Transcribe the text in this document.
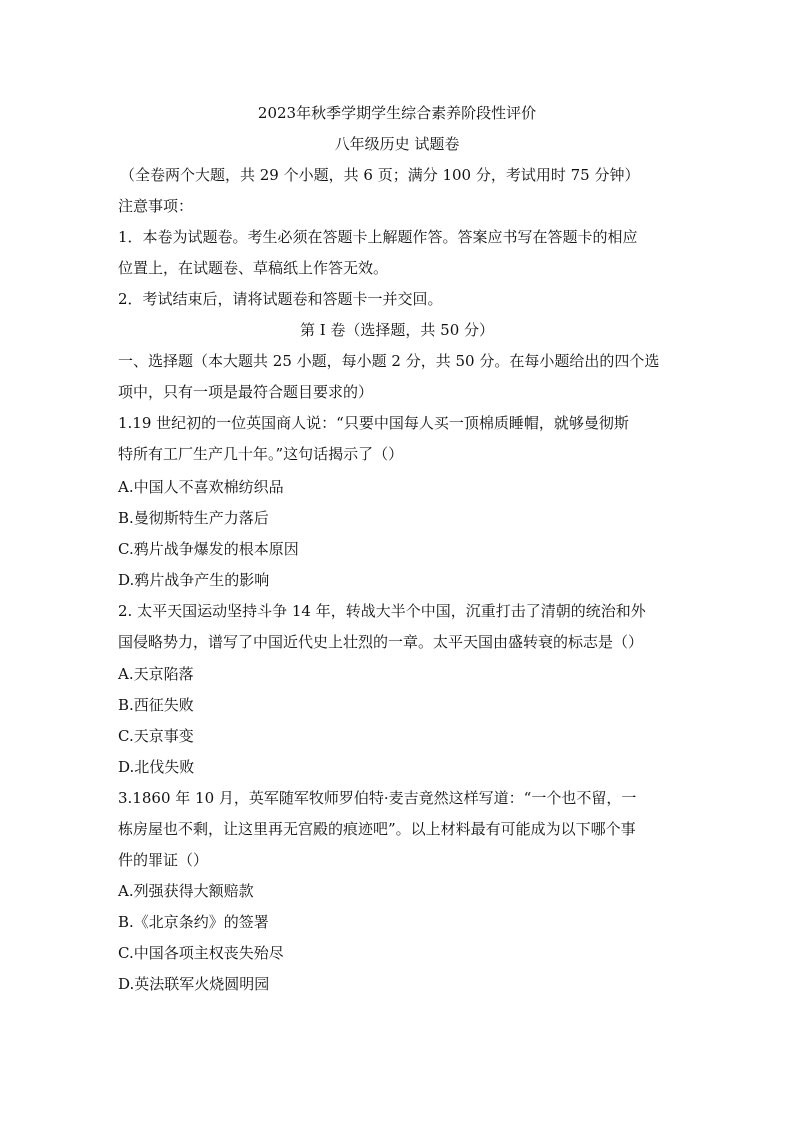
2023年秋季学期学生综合素养阶段性评价
八年级历史 试题卷
（全卷两个大题，共 29 个小题，共 6 页；满分 100 分，考试用时 75 分钟）
注意事项：
1．本卷为试题卷。考生必须在答题卡上解题作答。答案应书写在答题卡的相应
位置上，在试题卷、草稿纸上作答无效。
2．考试结束后，请将试题卷和答题卡一并交回。
第 I 卷（选择题，共 50 分）
一、选择题（本大题共 25 小题，每小题 2 分，共 50 分。在每小题给出的四个选
项中，只有一项是最符合题目要求的）
1.19 世纪初的一位英国商人说：“只要中国每人买一顶棉质睡帽，就够曼彻斯
特所有工厂生产几十年。”这句话揭示了（）
A.中国人不喜欢棉纺织品
B.曼彻斯特生产力落后
C.鸦片战争爆发的根本原因
D.鸦片战争产生的影响
2. 太平天国运动坚持斗争 14 年，转战大半个中国，沉重打击了清朝的统治和外
国侵略势力，谱写了中国近代史上壮烈的一章。太平天国由盛转衰的标志是（）
A.天京陷落
B.西征失败
C.天京事变
D.北伐失败
3.1860 年 10 月，英军随军牧师罗伯特·麦吉竟然这样写道：“一个也不留，一
栋房屋也不剩，让这里再无宫殿的痕迹吧”。以上材料最有可能成为以下哪个事
件的罪证（）
A.列强获得大额赔款
B.《北京条约》的签署
C.中国各项主权丧失殆尽
D.英法联军火烧圆明园
